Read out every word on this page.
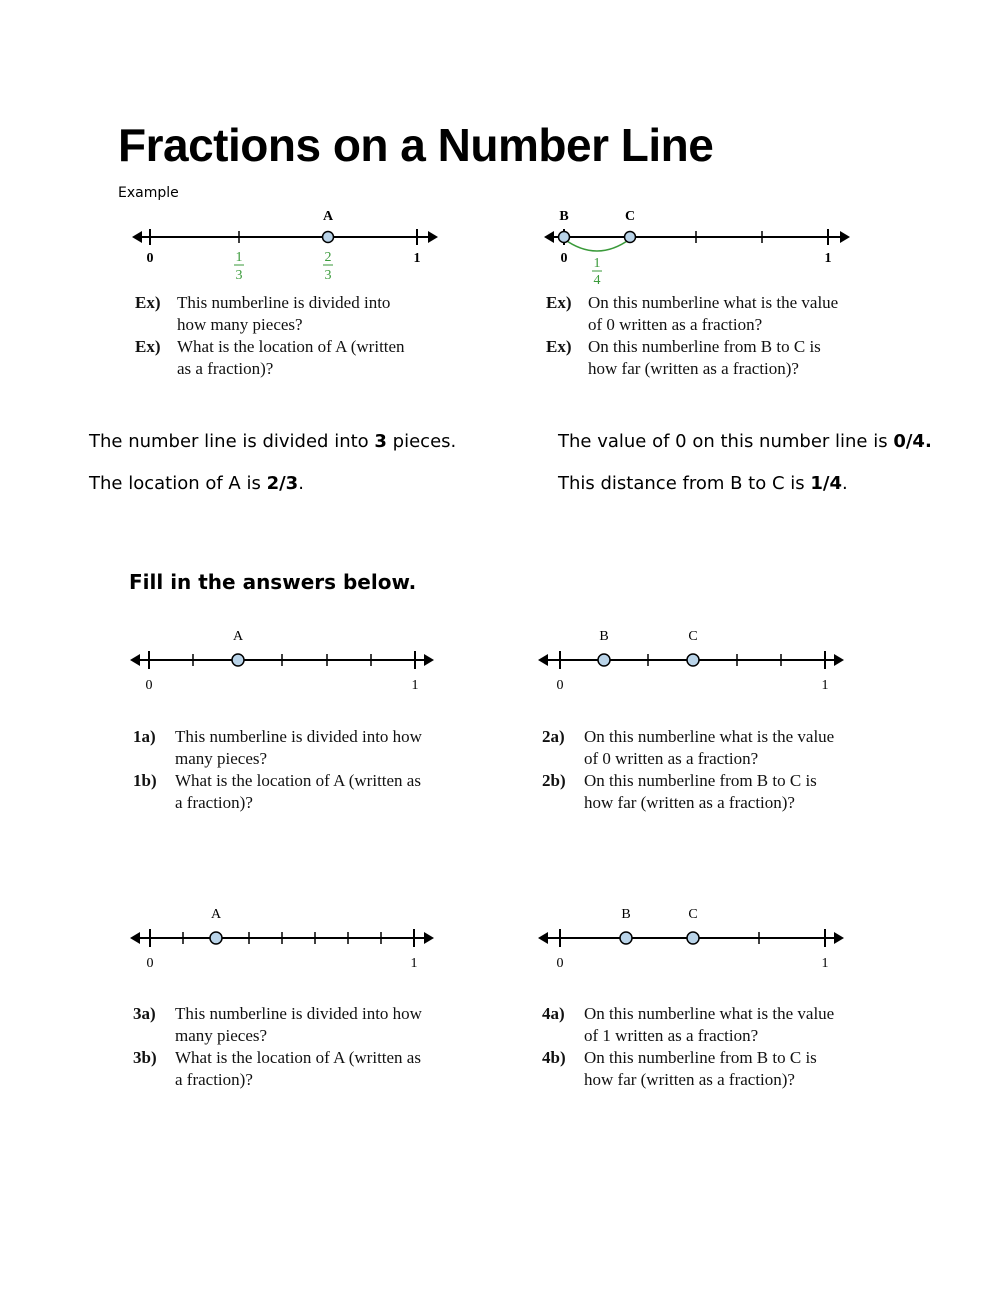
Fractions on a Number Line
Example
A
0	1
1
3
2
3
B	C
0	1
1
4
Ex) This numberline is divided into
how many pieces?
Ex) What is the location of A (written
as a fraction)?
Ex) On this numberline what is the value
of 0 written as a fraction?
Ex) On this numberline from B to C is
how far (written as a fraction)?
The number line is divided into 3 pieces.
The location of A is 2/3.
The value of 0 on this number line is 0/4.
This distance from B to C is 1/4.
Fill in the answers below.
A
0	1
B	C
0	1
1a)	This numberline is divided into how
many pieces?
1b)	What is the location of A (written as
a fraction)?
2a)	On this numberline what is the value
of 0 written as a fraction?
2b)	On this numberline from B to C is
how far (written as a fraction)?
A
0	1
B	C
0	1
3a)	This numberline is divided into how
many pieces?
3b)	What is the location of A (written as
a fraction)?
4a)	On this numberline what is the value
of 1 written as a fraction?
4b)	On this numberline from B to C is
how far (written as a fraction)?
